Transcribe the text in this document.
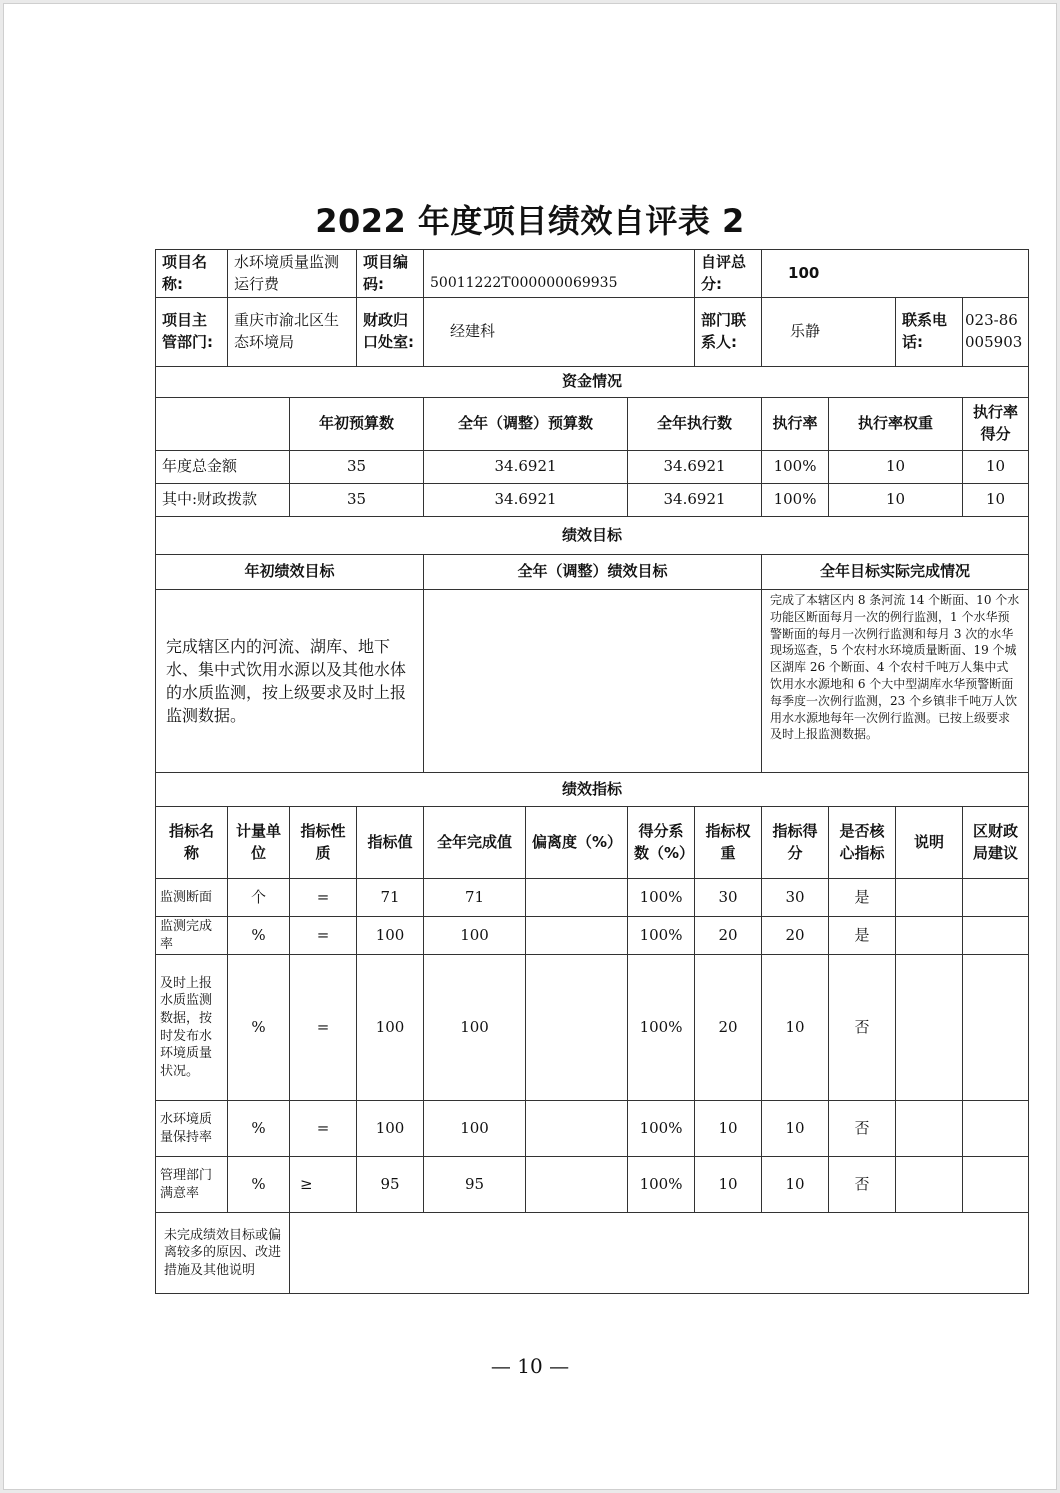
2022 年度项目绩效自评表 2
项目名称:	水环境质量监测运行费		项目编码:	50011222T000000069935			自评总分:	100			
项目主管部门:	重庆市渝北区生态环境局		财政归口处室:	经建科			部门联系人:	乐静		联系电话:	023-86005903
资金情况											
		年初预算数		全年（调整）预算数		全年执行数		执行率	执行率权重		执行率得分
年度总金额		35		34.6921		34.6921		100%	10		10
其中:财政拨款		35		34.6921		34.6921		100%	10		10
绩效目标											
年初绩效目标				全年（调整）绩效目标				全年目标实际完成情况			
完成辖区内的河流、湖库、地下水、集中式饮用水源以及其他水体的水质监测，按上级要求及时上报监测数据。								完成了本辖区内 8 条河流 14 个断面、10 个水功能区断面每月一次的例行监测，1 个水华预警断面的每月一次例行监测和每月 3 次的水华现场巡查，5 个农村水环境质量断面、19 个城区湖库 26 个断面、4 个农村千吨万人集中式饮用水水源地和 6 个大中型湖库水华预警断面每季度一次例行监测，23 个乡镇非千吨万人饮用水水源地每年一次例行监测。已按上级要求及时上报监测数据。			
绩效指标											
指标名称	计量单位	指标性质	指标值	全年完成值	偏离度（%）	得分系数（%）	指标权重	指标得分	是否核心指标	说明	区财政局建议
监测断面	个	=	71	71		100%	30	30	是		
监测完成率	%	=	100	100		100%	20	20	是		
及时上报水质监测数据，按时发布水环境质量状况。	%	=	100	100		100%	20	10	否		
水环境质量保持率	%	=	100	100		100%	10	10	否		
管理部门满意率	%	≥	95	95		100%	10	10	否		
未完成绩效目标或偏离较多的原因、改进措施及其他说明											
— 10 —
